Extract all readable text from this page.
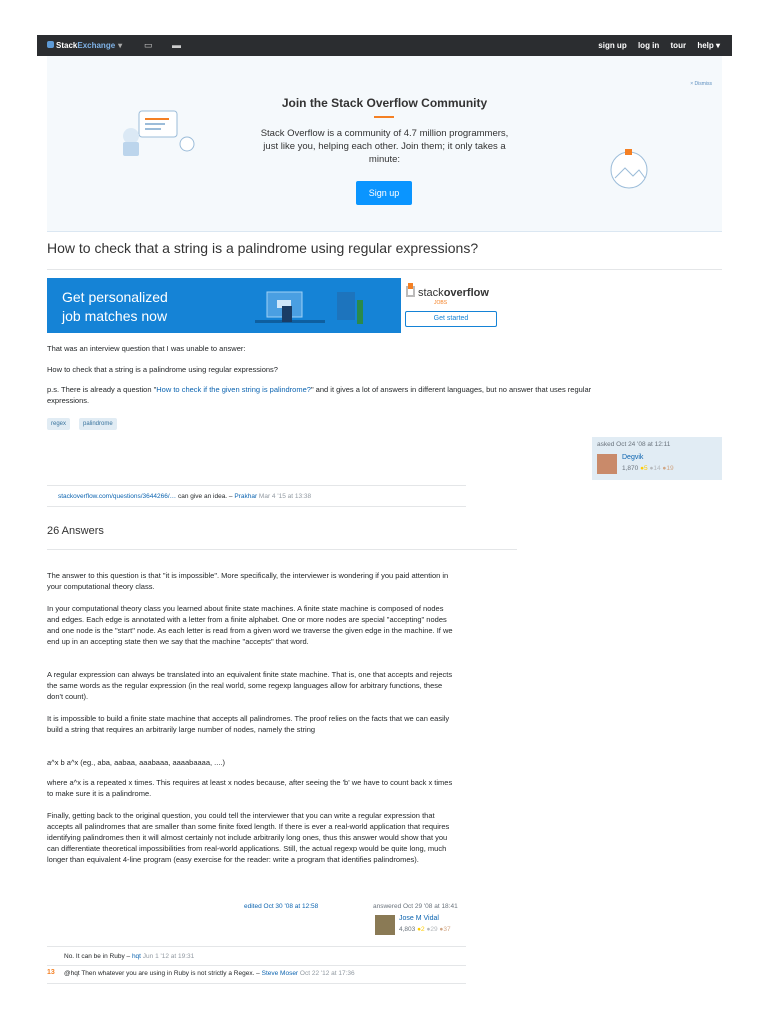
StackExchange ▾ ▭ ▬	sign up log in tour help ▾
× Dismiss
Join the Stack Overflow Community
Stack Overflow is a community of 4.7 million programmers, just like you, helping each other. Join them; it only takes a minute:
Sign up
How to check that a string is a palindrome using regular expressions?
Get personalized
job matches now
stackoverflow
JOBS
Get started

That was an interview question that I was unable to answer:

How to check that a string is a palindrome using regular expressions?

p.s. There is already a question "How to check if the given string is palindrome?" and it gives a lot of answers in different languages, but no answer that uses regular expressions.

regex	palindrome
asked Oct 24 '08 at 12:11
Degvik
1,870 ●5 ●14 ●19
stackoverflow.com/questions/3644266/… can give an idea. – Prakhar Mar 4 '15 at 13:38
26 Answers

The answer to this question is that "it is impossible". More specifically, the interviewer is wondering if you paid attention in your computational theory class.

In your computational theory class you learned about finite state machines. A finite state machine is composed of nodes and edges. Each edge is annotated with a letter from a finite alphabet. One or more nodes are special "accepting" nodes and one node is the "start" node. As each letter is read from a given word we traverse the given edge in the machine. If we end up in an accepting state then we say that the machine "accepts" that word.

A regular expression can always be translated into an equivalent finite state machine. That is, one that accepts and rejects the same words as the regular expression (in the real world, some regexp languages allow for arbitrary functions, these don't count).

It is impossible to build a finite state machine that accepts all palindromes. The proof relies on the facts that we can easily build a string that requires an arbitrarily large number of nodes, namely the string

a^x b a^x (eg., aba, aabaa, aaabaaa, aaaabaaaa, ....)

where a^x is a repeated x times. This requires at least x nodes because, after seeing the 'b' we have to count back x times to make sure it is a palindrome.

Finally, getting back to the original question, you could tell the interviewer that you can write a regular expression that accepts all palindromes that are smaller than some finite fixed length. If there is ever a real-world application that requires identifying palindromes then it will almost certainly not include arbitrarily long ones, thus this answer would show that you can differentiate theoretical impossibilities from real-world applications. Still, the actual regexp would be quite long, much longer than equivalent 4-line program (easy exercise for the reader: write a program that identifies palindromes).

edited Oct 30 '08 at 12:58	answered Oct 29 '08 at 18:41
Jose M Vidal
4,803 ●2 ●29 ●37
No. It can be in Ruby – hqt Jun 1 '12 at 19:31
13 @hqt Then whatever you are using in Ruby is not strictly a Regex. – Steve Moser Oct 22 '12 at 17:36
